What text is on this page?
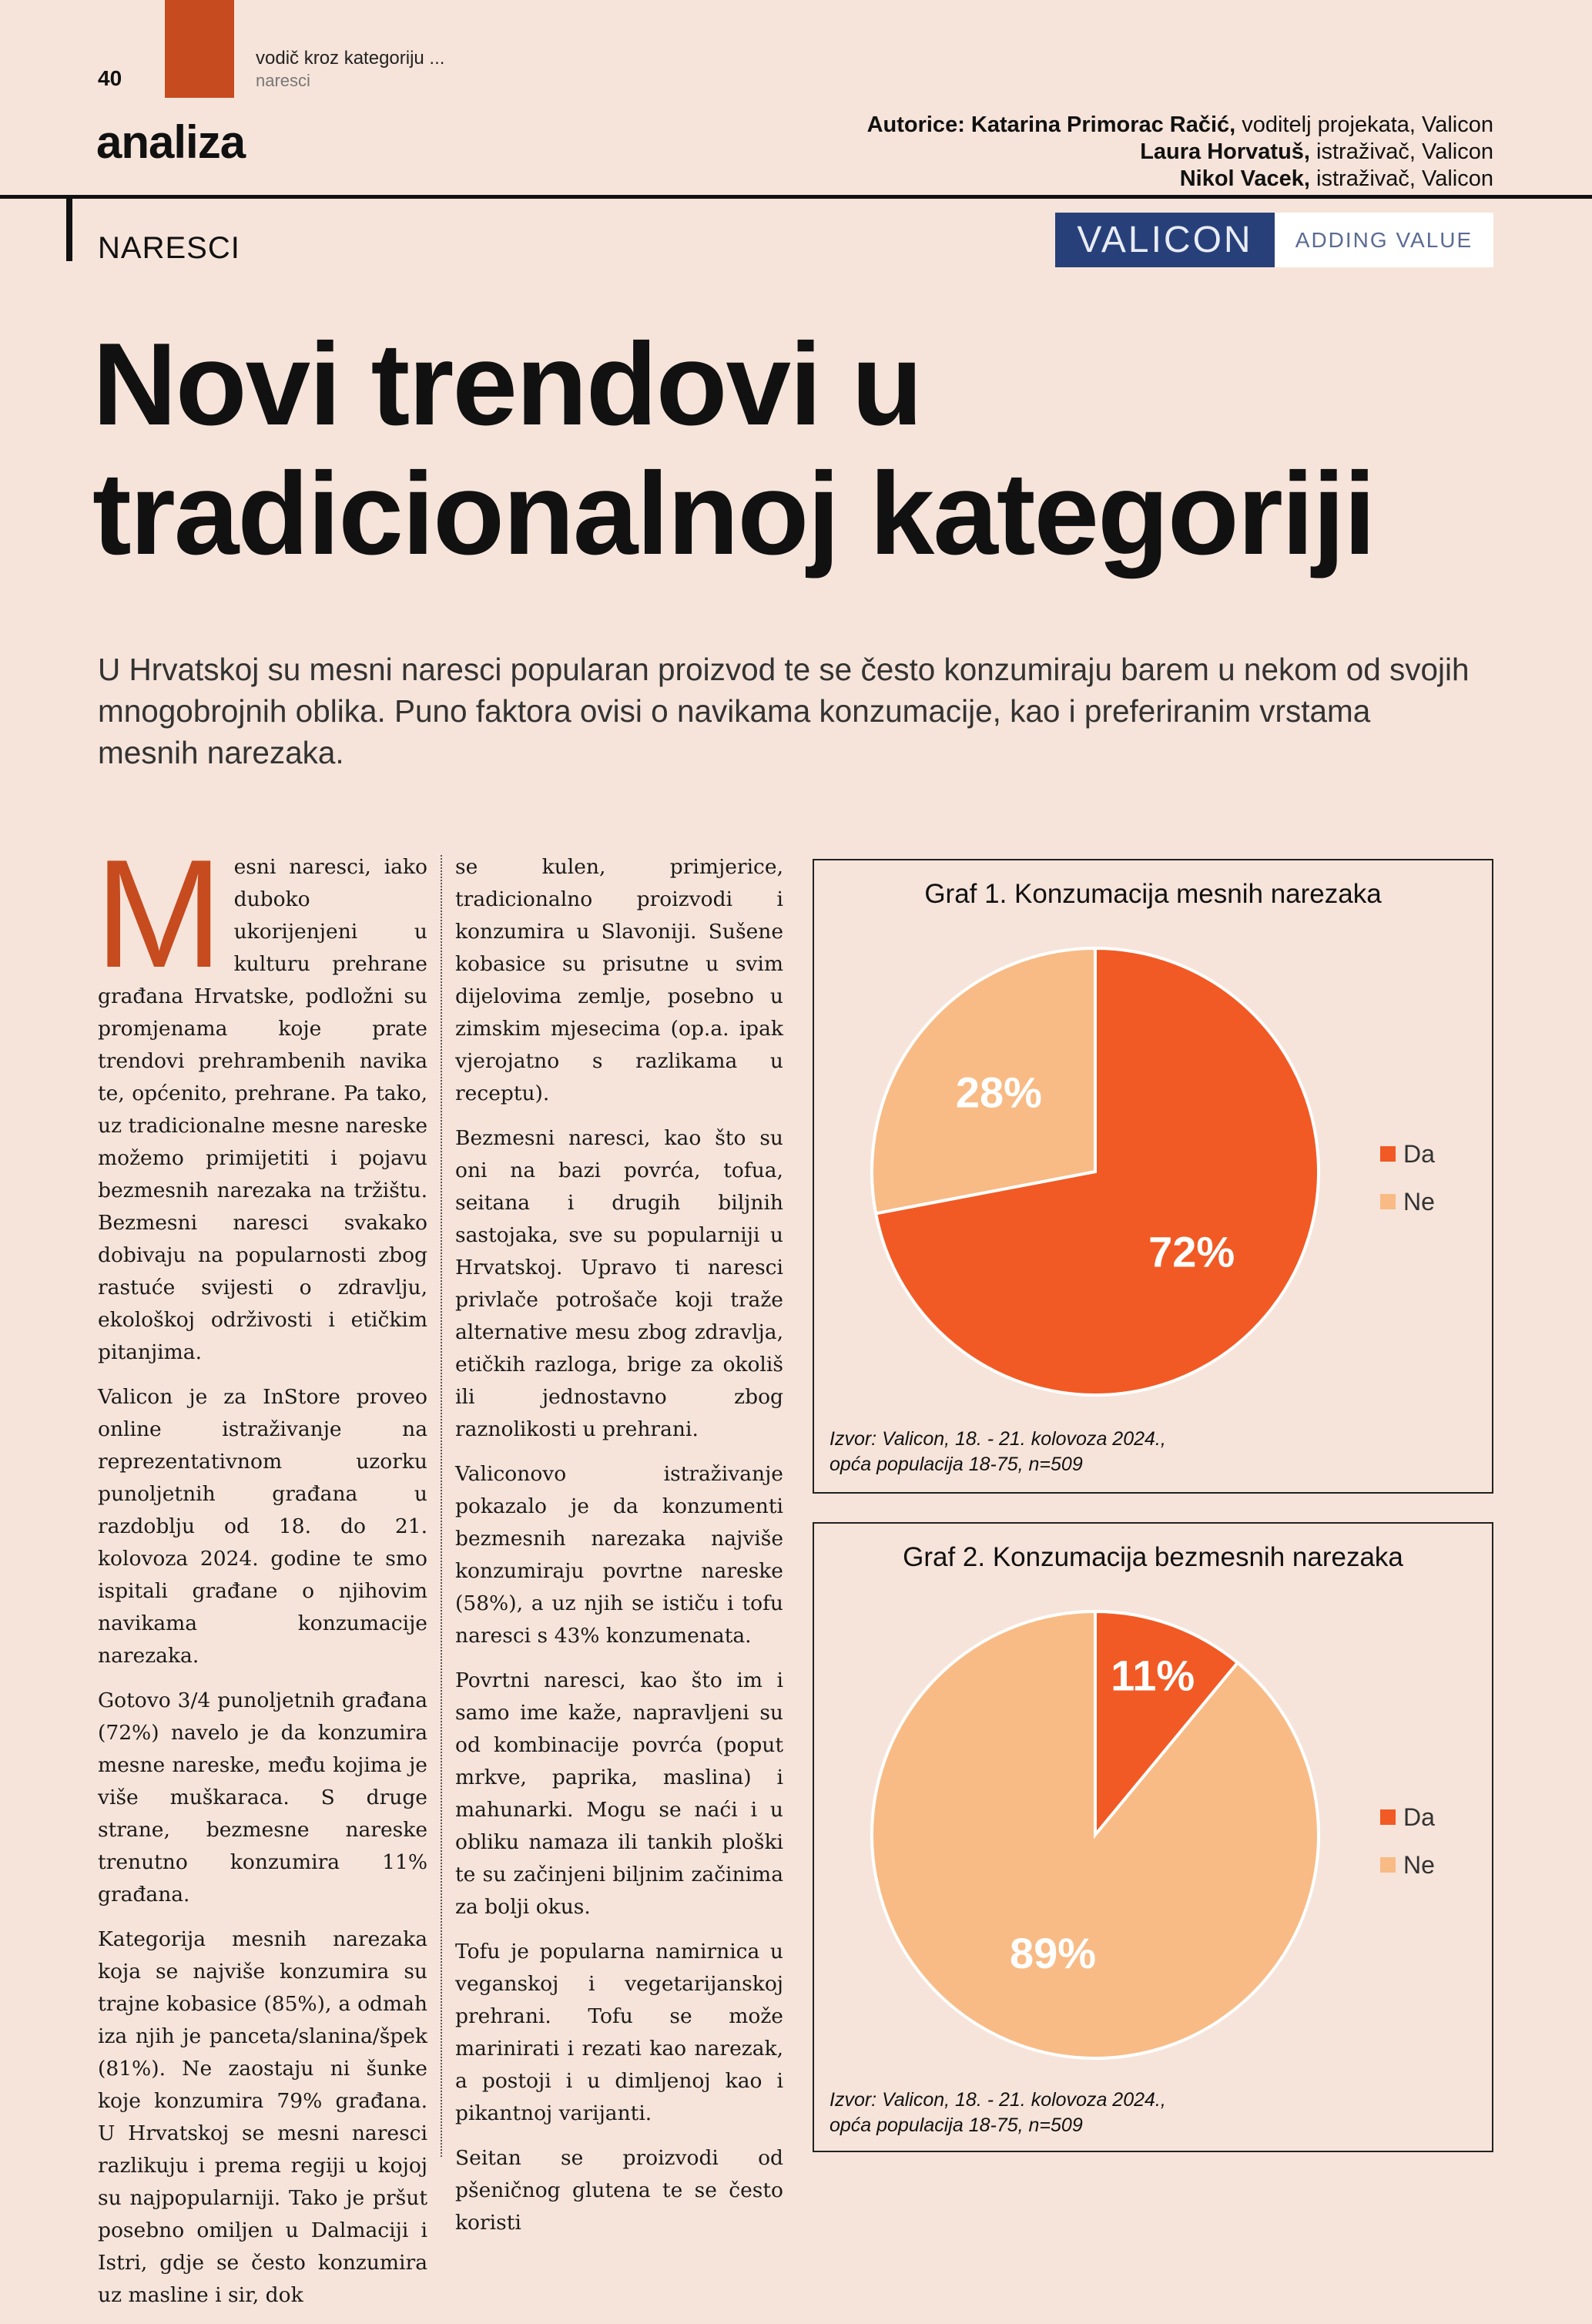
40
vodič kroz kategoriju ...
naresci
analiza	Autorice: Katarina Primorac Račić, voditelj projekata, Valicon
Laura Horvatuš, istraživač, Valicon
Nikol Vacek, istraživač, Valicon
NARESCI	VALICON	ADDING VALUE
Novi trendovi u
tradicionalnoj kategoriji
U Hrvatskoj su mesni naresci popularan proizvod te se često konzumiraju barem u nekom od svojih mnogobrojnih oblika. Puno faktora ovisi o navikama konzumacije, kao i preferiranim vrstama mesnih narezaka.

Mesni naresci, iako duboko ukorijenjeni u kulturu prehrane građana Hrvatske, podložni su promjenama koje prate trendovi prehrambenih navika te, općenito, prehrane. Pa tako, uz tradicionalne mesne nareske možemo primijetiti i pojavu bezmesnih narezaka na tržištu. Bezmesni naresci svakako dobivaju na popularnosti zbog rastuće svijesti o zdravlju, ekološkoj održivosti i etičkim pitanjima.

Valicon je za InStore proveo online istraživanje na reprezentativnom uzorku punoljetnih građana u razdoblju od 18. do 21. kolovoza 2024. godine te smo ispitali građane o njihovim navikama konzumacije narezaka.

Gotovo 3/4 punoljetnih građana (72%) navelo je da konzumira mesne nareske, među kojima je više muškaraca. S druge strane, bezmesne nareske trenutno konzumira 11% građana.

Kategorija mesnih narezaka koja se najviše konzumira su trajne kobasice (85%), a odmah iza njih je panceta/slanina/špek (81%). Ne zaostaju ni šunke koje konzumira 79% građana. U Hrvatskoj se mesni naresci razlikuju i prema regiji u kojoj su najpopularniji. Tako je pršut posebno omiljen u Dalmaciji i Istri, gdje se često konzumira uz masline i sir, dok

se kulen, primjerice, tradicionalno proizvodi i konzumira u Slavoniji. Sušene kobasice su prisutne u svim dijelovima zemlje, posebno u zimskim mjesecima (op.a. ipak vjerojatno s razlikama u receptu).

Bezmesni naresci, kao što su oni na bazi povrća, tofua, seitana i drugih biljnih sastojaka, sve su popularniji u Hrvatskoj. Upravo ti naresci privlače potrošače koji traže alternative mesu zbog zdravlja, etičkih razloga, brige za okoliš ili jednostavno zbog raznolikosti u prehrani.

Valiconovo istraživanje pokazalo je da konzumenti bezmesnih narezaka najviše konzumiraju povrtne nareske (58%), a uz njih se ističu i tofu naresci s 43% konzumenata.

Povrtni naresci, kao što im i samo ime kaže, napravljeni su od kombinacije povrća (poput mrkve, paprika, maslina) i mahunarki. Mogu se naći i u obliku namaza ili tankih ploški te su začinjeni biljnim začinima za bolji okus.

Tofu je popularna namirnica u veganskoj i vegetarijanskoj prehrani. Tofu se može marinirati i rezati kao narezak, a postoji i u dimljenoj kao i pikantnoj varijanti.

Seitan se proizvodi od pšeničnog glutena te se često koristi

72%
28%
Graf 1. Konzumacija mesnih narezaka
Da
Ne
Izvor: Valicon, 18. - 21. kolovoza 2024.,
opća populacija 18-75, n=509
11%
89%
Graf 2. Konzumacija bezmesnih narezaka
Da
Ne
Izvor: Valicon, 18. - 21. kolovoza 2024.,
opća populacija 18-75, n=509
